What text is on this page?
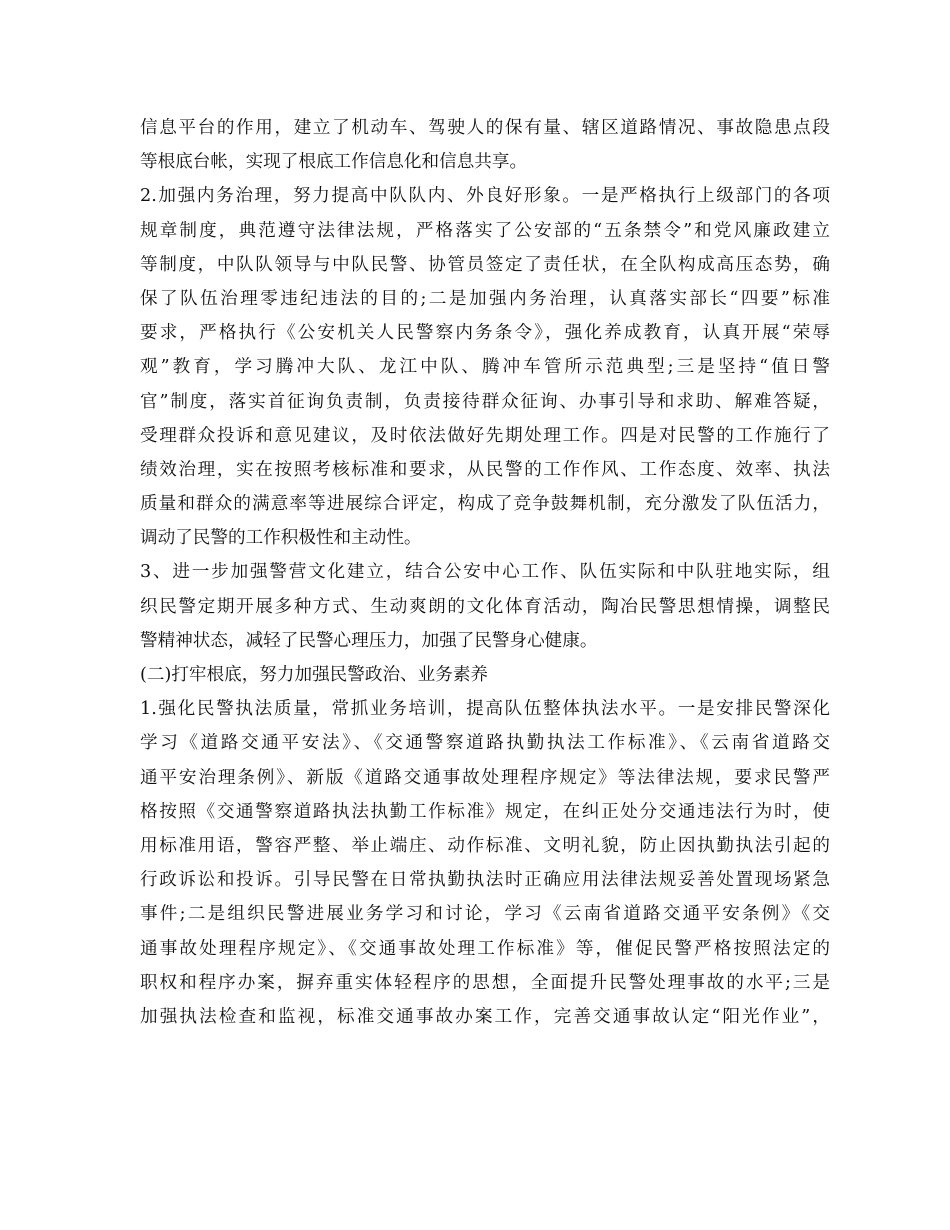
信息平台的作用，建立了机动车、驾驶人的保有量、辖区道路情况、事故隐患点段
等根底台帐，实现了根底工作信息化和信息共享。
2.加强内务治理，努力提高中队队内、外良好形象。一是严格执行上级部门的各项
规章制度，典范遵守法律法规，严格落实了公安部的“五条禁令”和党风廉政建立
等制度，中队队领导与中队民警、协管员签定了责任状，在全队构成高压态势，确
保了队伍治理零违纪违法的目的;二是加强内务治理，认真落实部长“四要”标准
要求，严格执行《公安机关人民警察内务条令》，强化养成教育，认真开展“荣辱
观”教育，学习腾冲大队、龙江中队、腾冲车管所示范典型;三是坚持“值日警
官”制度，落实首征询负责制，负责接待群众征询、办事引导和求助、解难答疑，
受理群众投诉和意见建议，及时依法做好先期处理工作。四是对民警的工作施行了
绩效治理，实在按照考核标准和要求，从民警的工作作风、工作态度、效率、执法
质量和群众的满意率等进展综合评定，构成了竞争鼓舞机制，充分激发了队伍活力，
调动了民警的工作积极性和主动性。
3、进一步加强警营文化建立，结合公安中心工作、队伍实际和中队驻地实际，组
织民警定期开展多种方式、生动爽朗的文化体育活动，陶冶民警思想情操，调整民
警精神状态，减轻了民警心理压力，加强了民警身心健康。
(二)打牢根底，努力加强民警政治、业务素养
1.强化民警执法质量，常抓业务培训，提高队伍整体执法水平。一是安排民警深化
学习《道路交通平安法》、《交通警察道路执勤执法工作标准》、《云南省道路交
通平安治理条例》、新版《道路交通事故处理程序规定》等法律法规，要求民警严
格按照《交通警察道路执法执勤工作标准》规定，在纠正处分交通违法行为时，使
用标准用语，警容严整、举止端庄、动作标准、文明礼貌，防止因执勤执法引起的
行政诉讼和投诉。引导民警在日常执勤执法时正确应用法律法规妥善处置现场紧急
事件;二是组织民警进展业务学习和讨论，学习《云南省道路交通平安条例》《交
通事故处理程序规定》、《交通事故处理工作标准》等，催促民警严格按照法定的
职权和程序办案，摒弃重实体轻程序的思想，全面提升民警处理事故的水平;三是
加强执法检查和监视，标准交通事故办案工作，完善交通事故认定“阳光作业”，
